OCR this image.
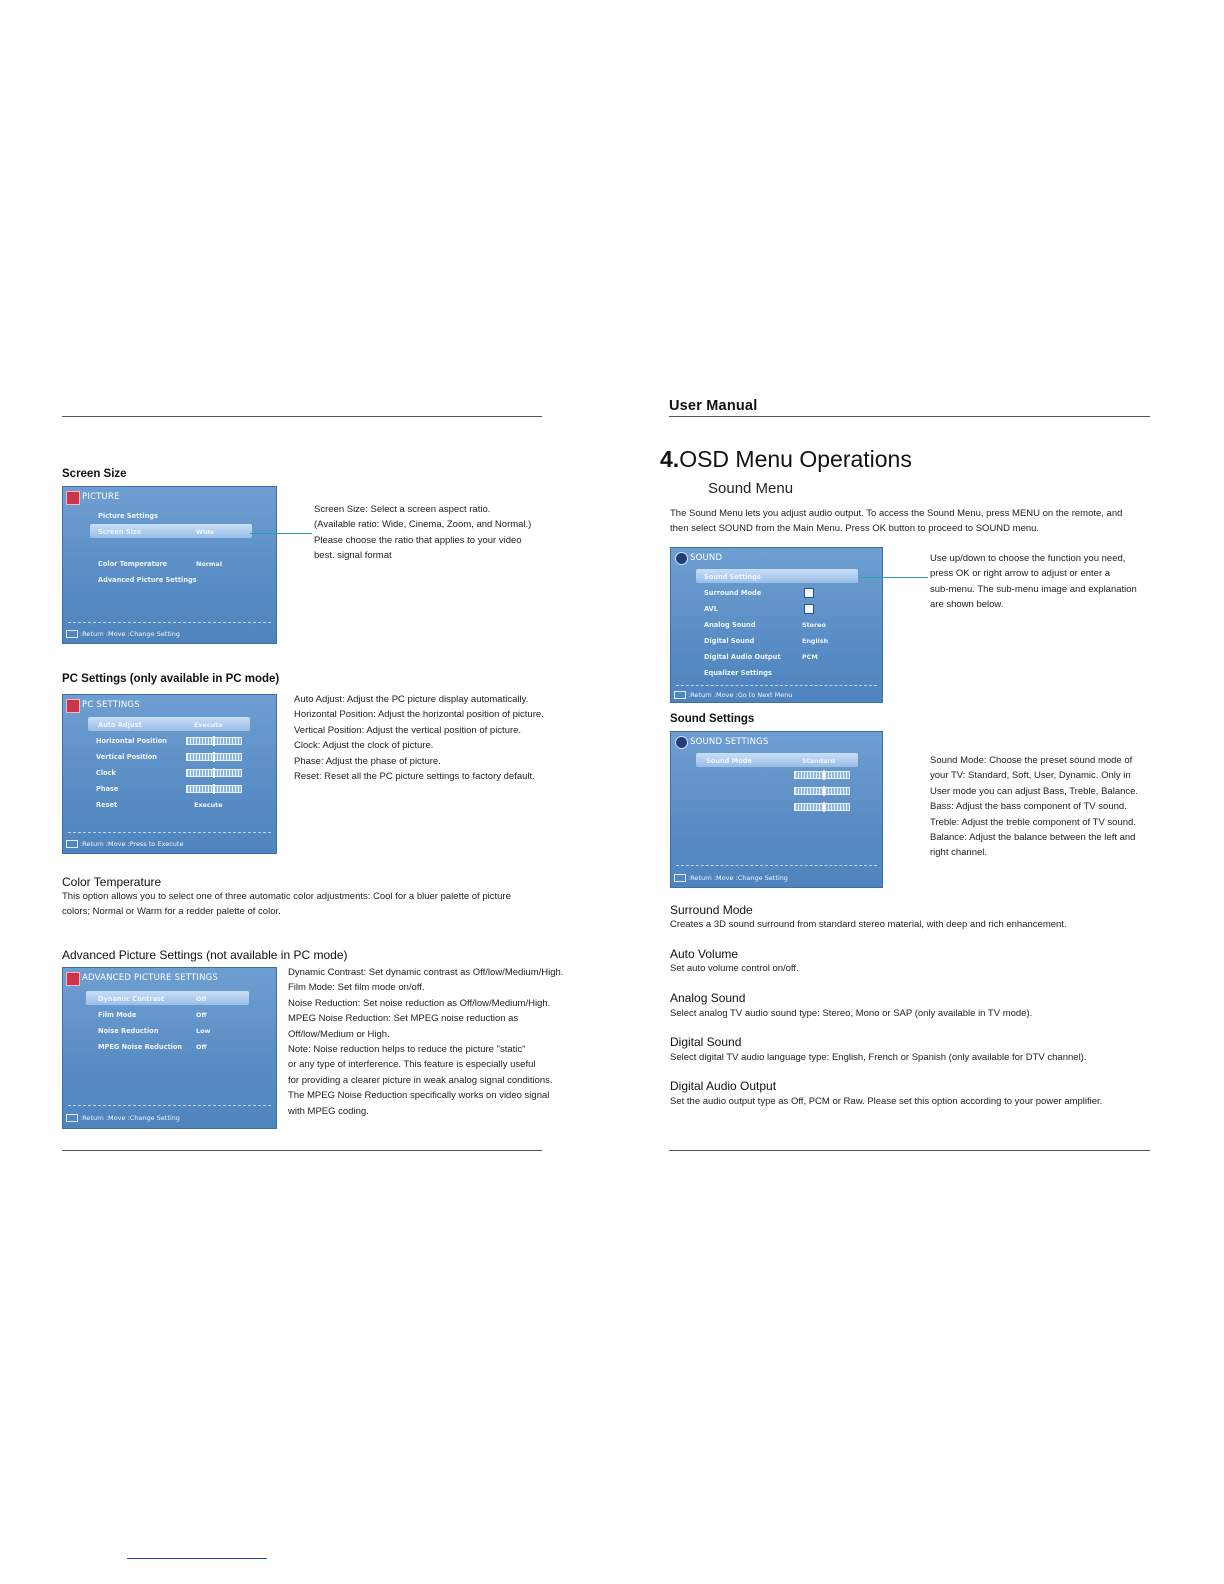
Screen Size
PICTURE
Picture Settings
Screen Size	Wide
Color Temperature	Normal
Advanced Picture Settings
:Return :Move :Change Setting
Screen Size: Select a screen aspect ratio.
(Available ratio: Wide, Cinema, Zoom, and Normal.)
Please choose the ratio that applies to your video
best. signal format
PC Settings (only available in PC mode)
PC SETTINGS
Auto Adjust	Execute
Horizontal Position
Vertical Position
Clock
Phase
Reset	Execute
:Return :Move :Press to Execute
Auto Adjust: Adjust the PC picture display automatically.
Horizontal Position: Adjust the horizontal position of picture.
Vertical Position: Adjust the vertical position of picture.
Clock: Adjust the clock of picture.
Phase: Adjust the phase of picture.
Reset: Reset all the PC picture settings to factory default.
Color Temperature
This option allows you to select one of three automatic color adjustments: Cool for a bluer palette of picture
colors; Normal or Warm for a redder palette of color.
Advanced Picture Settings (not available in PC mode)
ADVANCED PICTURE SETTINGS
Dynamic Contrast	Off
Film Mode	Off
Noise Reduction	Low
MPEG Noise Reduction Off
:Return :Move :Change Setting
Dynamic Contrast: Set dynamic contrast as Off/low/Medium/High.
Film Mode: Set film mode on/off.
Noise Reduction: Set noise reduction as Off/low/Medium/High.
MPEG Noise Reduction: Set MPEG noise reduction as
Off/low/Medium or High.
Note: Noise reduction helps to reduce the picture "static"
or any type of interference. This feature is especially useful
for providing a clearer picture in weak analog signal conditions.
The MPEG Noise Reduction specifically works on video signal
with MPEG coding.
User Manual
4.OSD Menu Operations
Sound Menu
The Sound Menu lets you adjust audio output. To access the Sound Menu, press MENU on the remote, and
then select SOUND from the Main Menu. Press OK button to proceed to SOUND menu.
SOUND
Sound Settings
Surround Mode
AVL
Analog Sound	Stereo
Digital Sound	English
Digital Audio Output	PCM
Equalizer Settings
:Return :Move :Go to Next Menu
Use up/down to choose the function you need,
press OK or right arrow to adjust or enter a
sub-menu. The sub-menu image and explanation
are shown below.
Sound Settings
SOUND SETTINGS
Sound Mode	Standard
:Return :Move :Change Setting
Sound Mode: Choose the preset sound mode of
your TV: Standard, Soft, User, Dynamic. Only in
User mode you can adjust Bass, Treble, Balance.
Bass: Adjust the bass component of TV sound.
Treble: Adjust the treble component of TV sound.
Balance: Adjust the balance between the left and
right channel.
Surround Mode
Creates a 3D sound surround from standard stereo material, with deep and rich enhancement.
Auto Volume
Set auto volume control on/off.
Analog Sound
Select analog TV audio sound type: Stereo, Mono or SAP (only available in TV mode).
Digital Sound
Select digital TV audio language type: English, French or Spanish (only available for DTV channel).
Digital Audio Output
Set the audio output type as Off, PCM or Raw. Please set this option according to your power amplifier.
